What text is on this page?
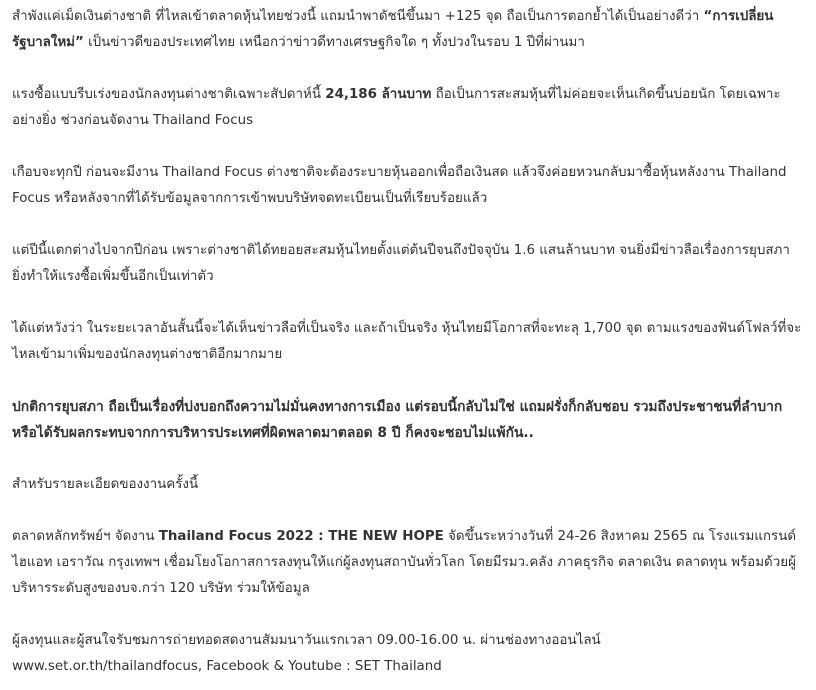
สำพังแค่เม็ดเงินต่างชาติ ที่ไหลเข้าตลาดหุ้นไทยช่วงนี้ แถมนำพาดัชนีขึ้นมา +125 จุด ถือเป็นการตอกย้ำได้เป็นอย่างดีว่า “การเปลี่ยนรัฐบาลใหม่” เป็นข่าวดีของประเทศไทย เหนือกว่าข่าวดีทางเศรษฐกิจใด ๆ ทั้งปวงในรอบ 1 ปีที่ผ่านมา

แรงซื้อแบบรีบเร่งของนักลงทุนต่างชาติเฉพาะสัปดาห์นี้ 24,186 ล้านบาท ถือเป็นการสะสมหุ้นที่ไม่ค่อยจะเห็นเกิดขึ้นบ่อยนัก โดยเฉพาะอย่างยิ่ง ช่วงก่อนจัดงาน Thailand Focus

เกือบจะทุกปี ก่อนจะมีงาน Thailand Focus ต่างชาติจะต้องระบายหุ้นออกเพื่อถือเงินสด แล้วจึงค่อยหวนกลับมาซื้อหุ้นหลังงาน Thailand Focus หรือหลังจากที่ได้รับข้อมูลจากการเข้าพบบริษัทจดทะเบียนเป็นที่เรียบร้อยแล้ว

แต่ปีนี้แตกต่างไปจากปีก่อน เพราะต่างชาติได้ทยอยสะสมหุ้นไทยตั้งแต่ต้นปีจนถึงปัจจุบัน 1.6 แสนล้านบาท จนยิ่งมีข่าวลือเรื่องการยุบสภา ยิ่งทำให้แรงซื้อเพิ่มขึ้นอีกเป็นเท่าตัว

ได้แต่หวังว่า ในระยะเวลาอันสั้นนี้จะได้เห็นข่าวลือที่เป็นจริง และถ้าเป็นจริง หุ้นไทยมีโอกาสที่จะทะลุ 1,700 จุด ตามแรงของฟันด์โฟลว์ที่จะไหลเข้ามาเพิ่มของนักลงทุนต่างชาติอีกมากมาย

ปกติการยุบสภา ถือเป็นเรื่องที่บ่งบอกถึงความไม่มั่นคงทางการเมือง แต่รอบนี้กลับไม่ใช่ แถมฝรั่งก็กลับชอบ รวมถึงประชาชนที่ลำบาก หรือได้รับผลกระทบจากการบริหารประเทศที่ผิดพลาดมาตลอด 8 ปี ก็คงจะชอบไม่แพ้กัน..

สำหรับรายละเอียดของงานครั้งนี้

ตลาดหลักทรัพย์ฯ จัดงาน Thailand Focus 2022 : THE NEW HOPE จัดขึ้นระหว่างวันที่ 24-26 สิงหาคม 2565 ณ โรงแรมแกรนด์ ไฮแอท เอราวัณ กรุงเทพฯ เชื่อมโยงโอกาสการลงทุนให้แก่ผู้ลงทุนสถาบันทั่วโลก โดยมีรมว.คลัง ภาคธุรกิจ ตลาดเงิน ตลาดทุน พร้อมด้วยผู้บริหารระดับสูงของบจ.กว่า 120 บริษัท ร่วมให้ข้อมูล

ผู้ลงทุนและผู้สนใจรับชมการถ่ายทอดสดงานสัมมนาวันแรกเวลา 09.00-16.00 น. ผ่านช่องทางออนไลน์
www.set.or.th/thailandfocus, Facebook & Youtube : SET Thailand
